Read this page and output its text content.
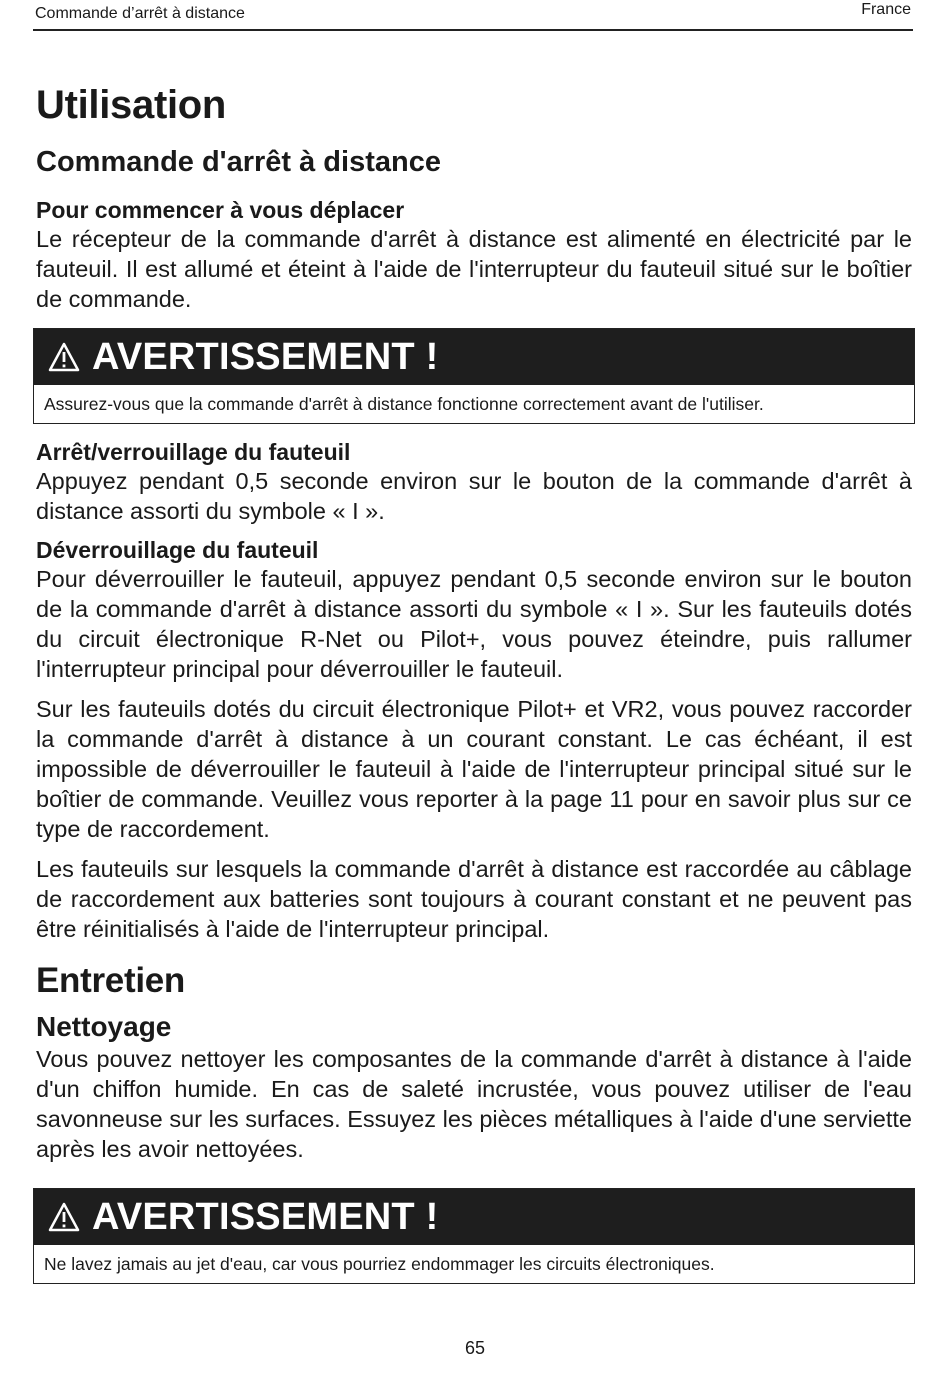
Commande d’arrêt à distance	France
Utilisation
Commande d'arrêt à distance
Pour commencer à vous déplacer

Le récepteur de la commande d'arrêt à distance est alimenté en électricité par le fauteuil. Il est allumé et éteint à l'aide de l'interrupteur du fauteuil situé sur le boîtier de commande.

AVERTISSEMENT !
Assurez-vous que la commande d'arrêt à distance fonctionne correctement avant de l'utiliser.
Arrêt/verrouillage du fauteuil

Appuyez pendant 0,5 seconde environ sur le bouton de la commande d'arrêt à distance assorti du symbole « I ».

Déverrouillage du fauteuil

Pour déverrouiller le fauteuil, appuyez pendant 0,5 seconde environ sur le bouton de la commande d'arrêt à distance assorti du symbole « I ». Sur les fauteuils dotés du circuit électronique R-Net ou Pilot+, vous pouvez éteindre, puis rallumer l'interrupteur principal pour déverrouiller le fauteuil.

Sur les fauteuils dotés du circuit électronique Pilot+ et VR2, vous pouvez raccorder la commande d'arrêt à distance à un courant constant. Le cas échéant, il est impossible de déverrouiller le fauteuil à l'aide de l'interrupteur principal situé sur le boîtier de commande. Veuillez vous reporter à la page 11 pour en savoir plus sur ce type de raccordement.

Les fauteuils sur lesquels la commande d'arrêt à distance est raccordée au câblage de raccordement aux batteries sont toujours à courant constant et ne peuvent pas être réinitialisés à l'aide de l'interrupteur principal.

Entretien
Nettoyage

Vous pouvez nettoyer les composantes de la commande d'arrêt à distance à l'aide d'un chiffon humide. En cas de saleté incrustée, vous pouvez utiliser de l'eau savonneuse sur les surfaces. Essuyez les pièces métalliques à l'aide d'une serviette après les avoir nettoyées.

AVERTISSEMENT !
Ne lavez jamais au jet d'eau, car vous pourriez endommager les circuits électroniques.
65
